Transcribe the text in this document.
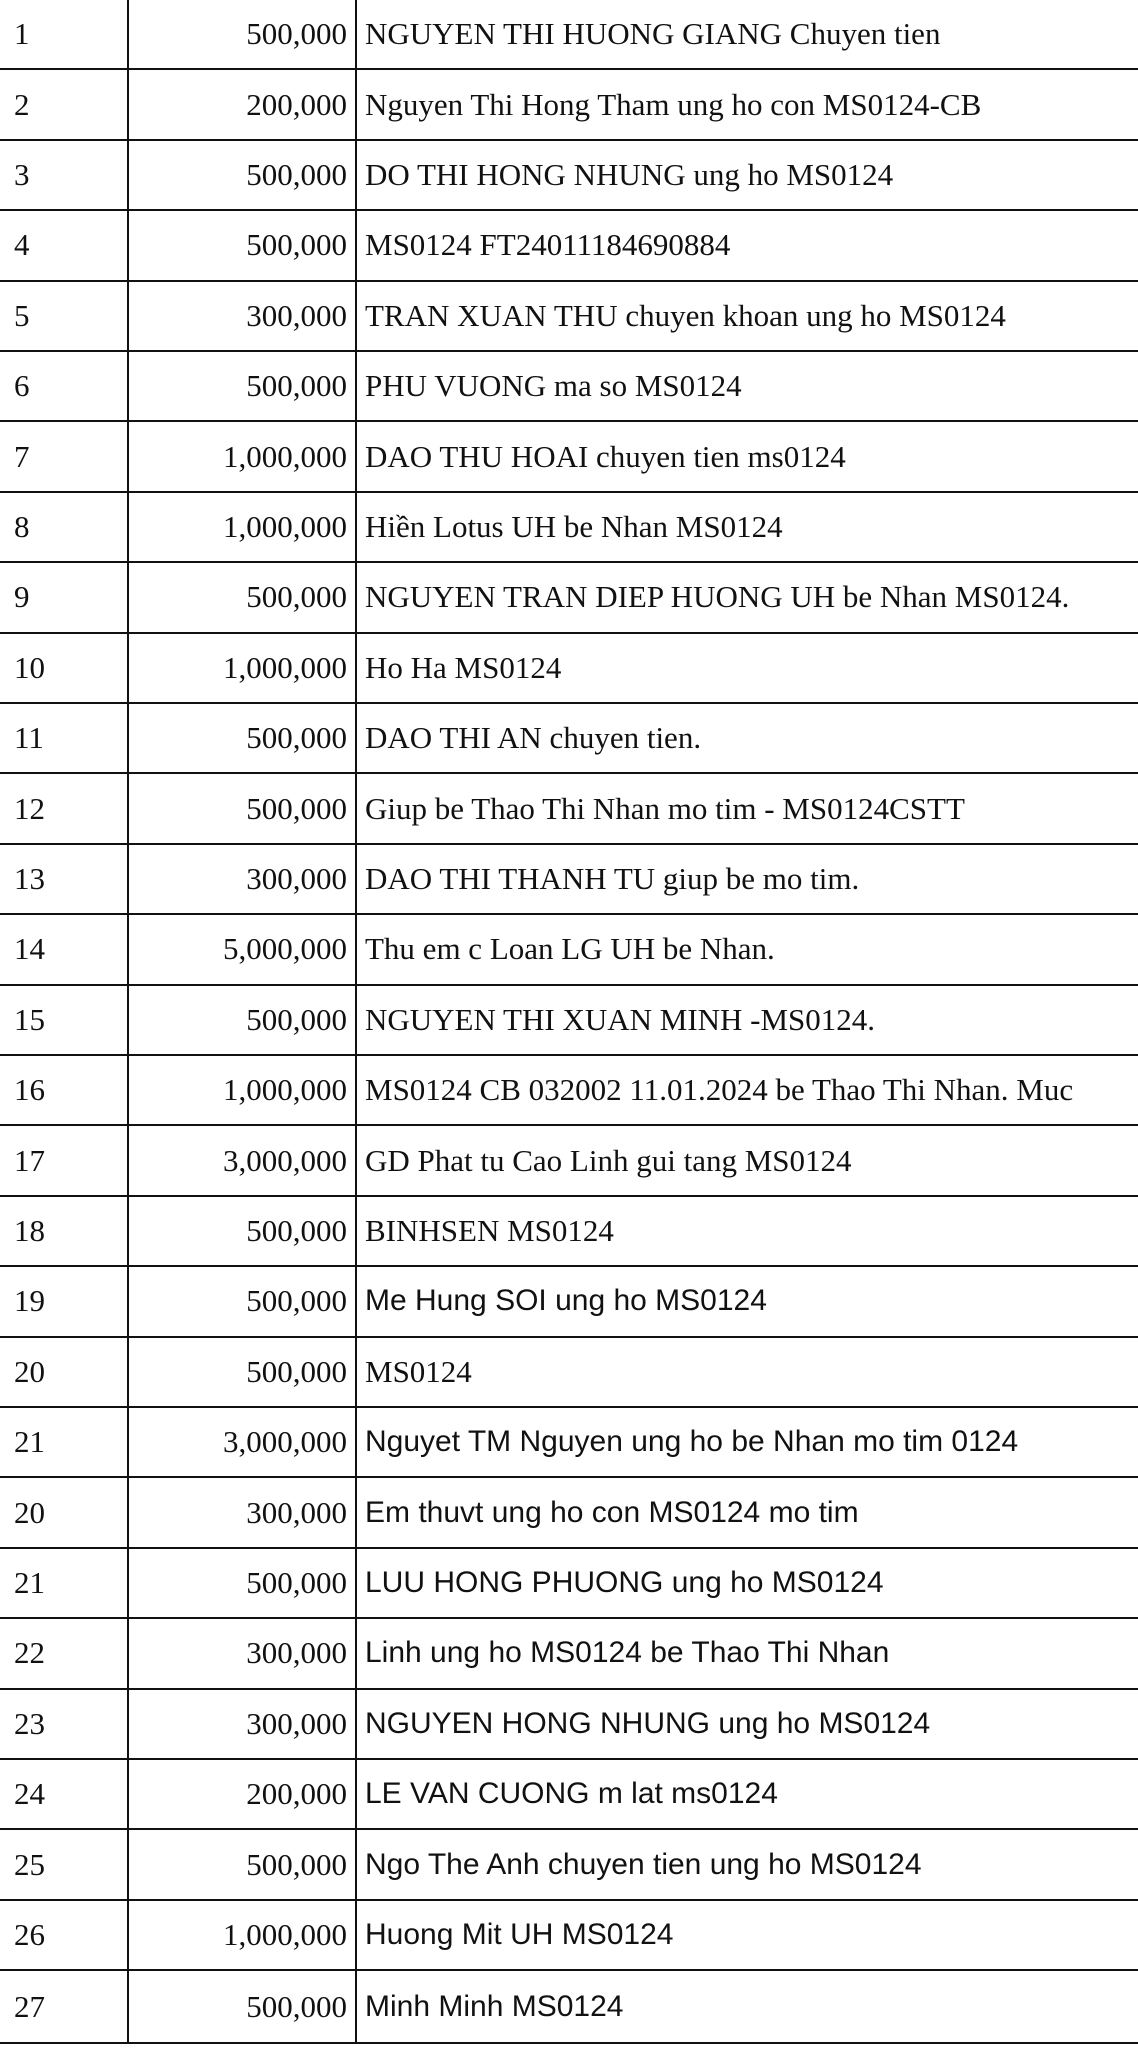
1	500,000 NGUYEN THI HUONG GIANG Chuyen tien
2	200,000 Nguyen Thi Hong Tham ung ho con MS0124-CB
3	500,000 DO THI HONG NHUNG ung ho MS0124
4	500,000 MS0124 FT24011184690884
5	300,000 TRAN XUAN THU chuyen khoan ung ho MS0124
6	500,000 PHU VUONG ma so MS0124
7	1,000,000 DAO THU HOAI chuyen tien ms0124
8	1,000,000 Hiền Lotus UH be Nhan MS0124
9	500,000 NGUYEN TRAN DIEP HUONG UH be Nhan MS0124.
10	1,000,000 Ho Ha MS0124
11	500,000 DAO THI AN chuyen tien.
12	500,000 Giup be Thao Thi Nhan mo tim - MS0124CSTT
13	300,000 DAO THI THANH TU giup be mo tim.
14	5,000,000 Thu em c Loan LG UH be Nhan.
15	500,000 NGUYEN THI XUAN MINH -MS0124.
16	1,000,000 MS0124 CB 032002 11.01.2024 be Thao Thi Nhan. Muc
17	3,000,000 GD Phat tu Cao Linh gui tang MS0124
18	500,000 BINHSEN MS0124
19	500,000 Me Hung SOI ung ho MS0124
20	500,000 MS0124
21	3,000,000 Nguyet TM Nguyen ung ho be Nhan mo tim 0124
20	300,000 Em thuvt ung ho con MS0124 mo tim
21	500,000 LUU HONG PHUONG ung ho MS0124
22	300,000 Linh ung ho MS0124 be Thao Thi Nhan
23	300,000 NGUYEN HONG NHUNG ung ho MS0124
24	200,000 LE VAN CUONG m lat ms0124
25	500,000 Ngo The Anh chuyen tien ung ho MS0124
26	1,000,000 Huong Mit UH MS0124
27	500,000 Minh Minh MS0124
